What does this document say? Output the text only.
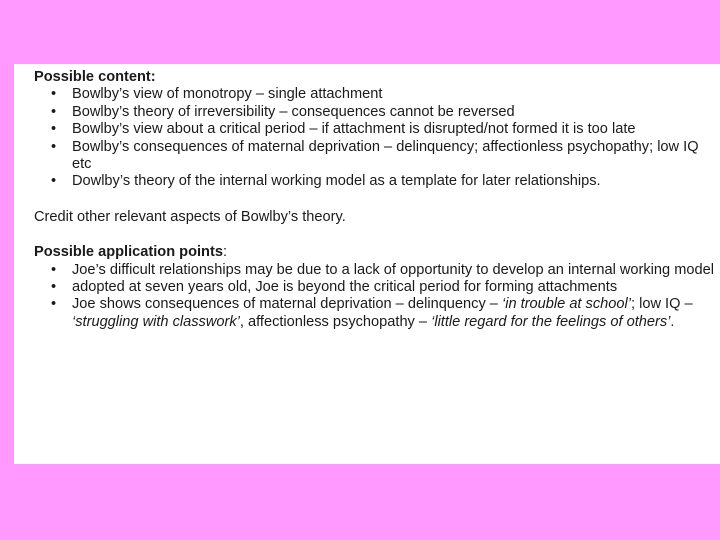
Possible content:

• Bowlby’s view of monotropy – single attachment
• Bowlby’s theory of irreversibility – consequences cannot be reversed
• Bowlby’s view about a critical period – if attachment is disrupted/not formed it is too late
• Bowlby’s consequences of maternal deprivation – delinquency; affectionless psychopathy; low IQ etc
• Dowlby’s theory of the internal working model as a template for later relationships.

Credit other relevant aspects of Bowlby’s theory.

Possible application points:

• Joe’s difficult relationships may be due to a lack of opportunity to develop an internal working model
• adopted at seven years old, Joe is beyond the critical period for forming attachments
• Joe shows consequences of maternal deprivation – delinquency – ‘in trouble at school’; low IQ – ‘struggling with classwork’, affectionless psychopathy – ‘little regard for the feelings of others’.
